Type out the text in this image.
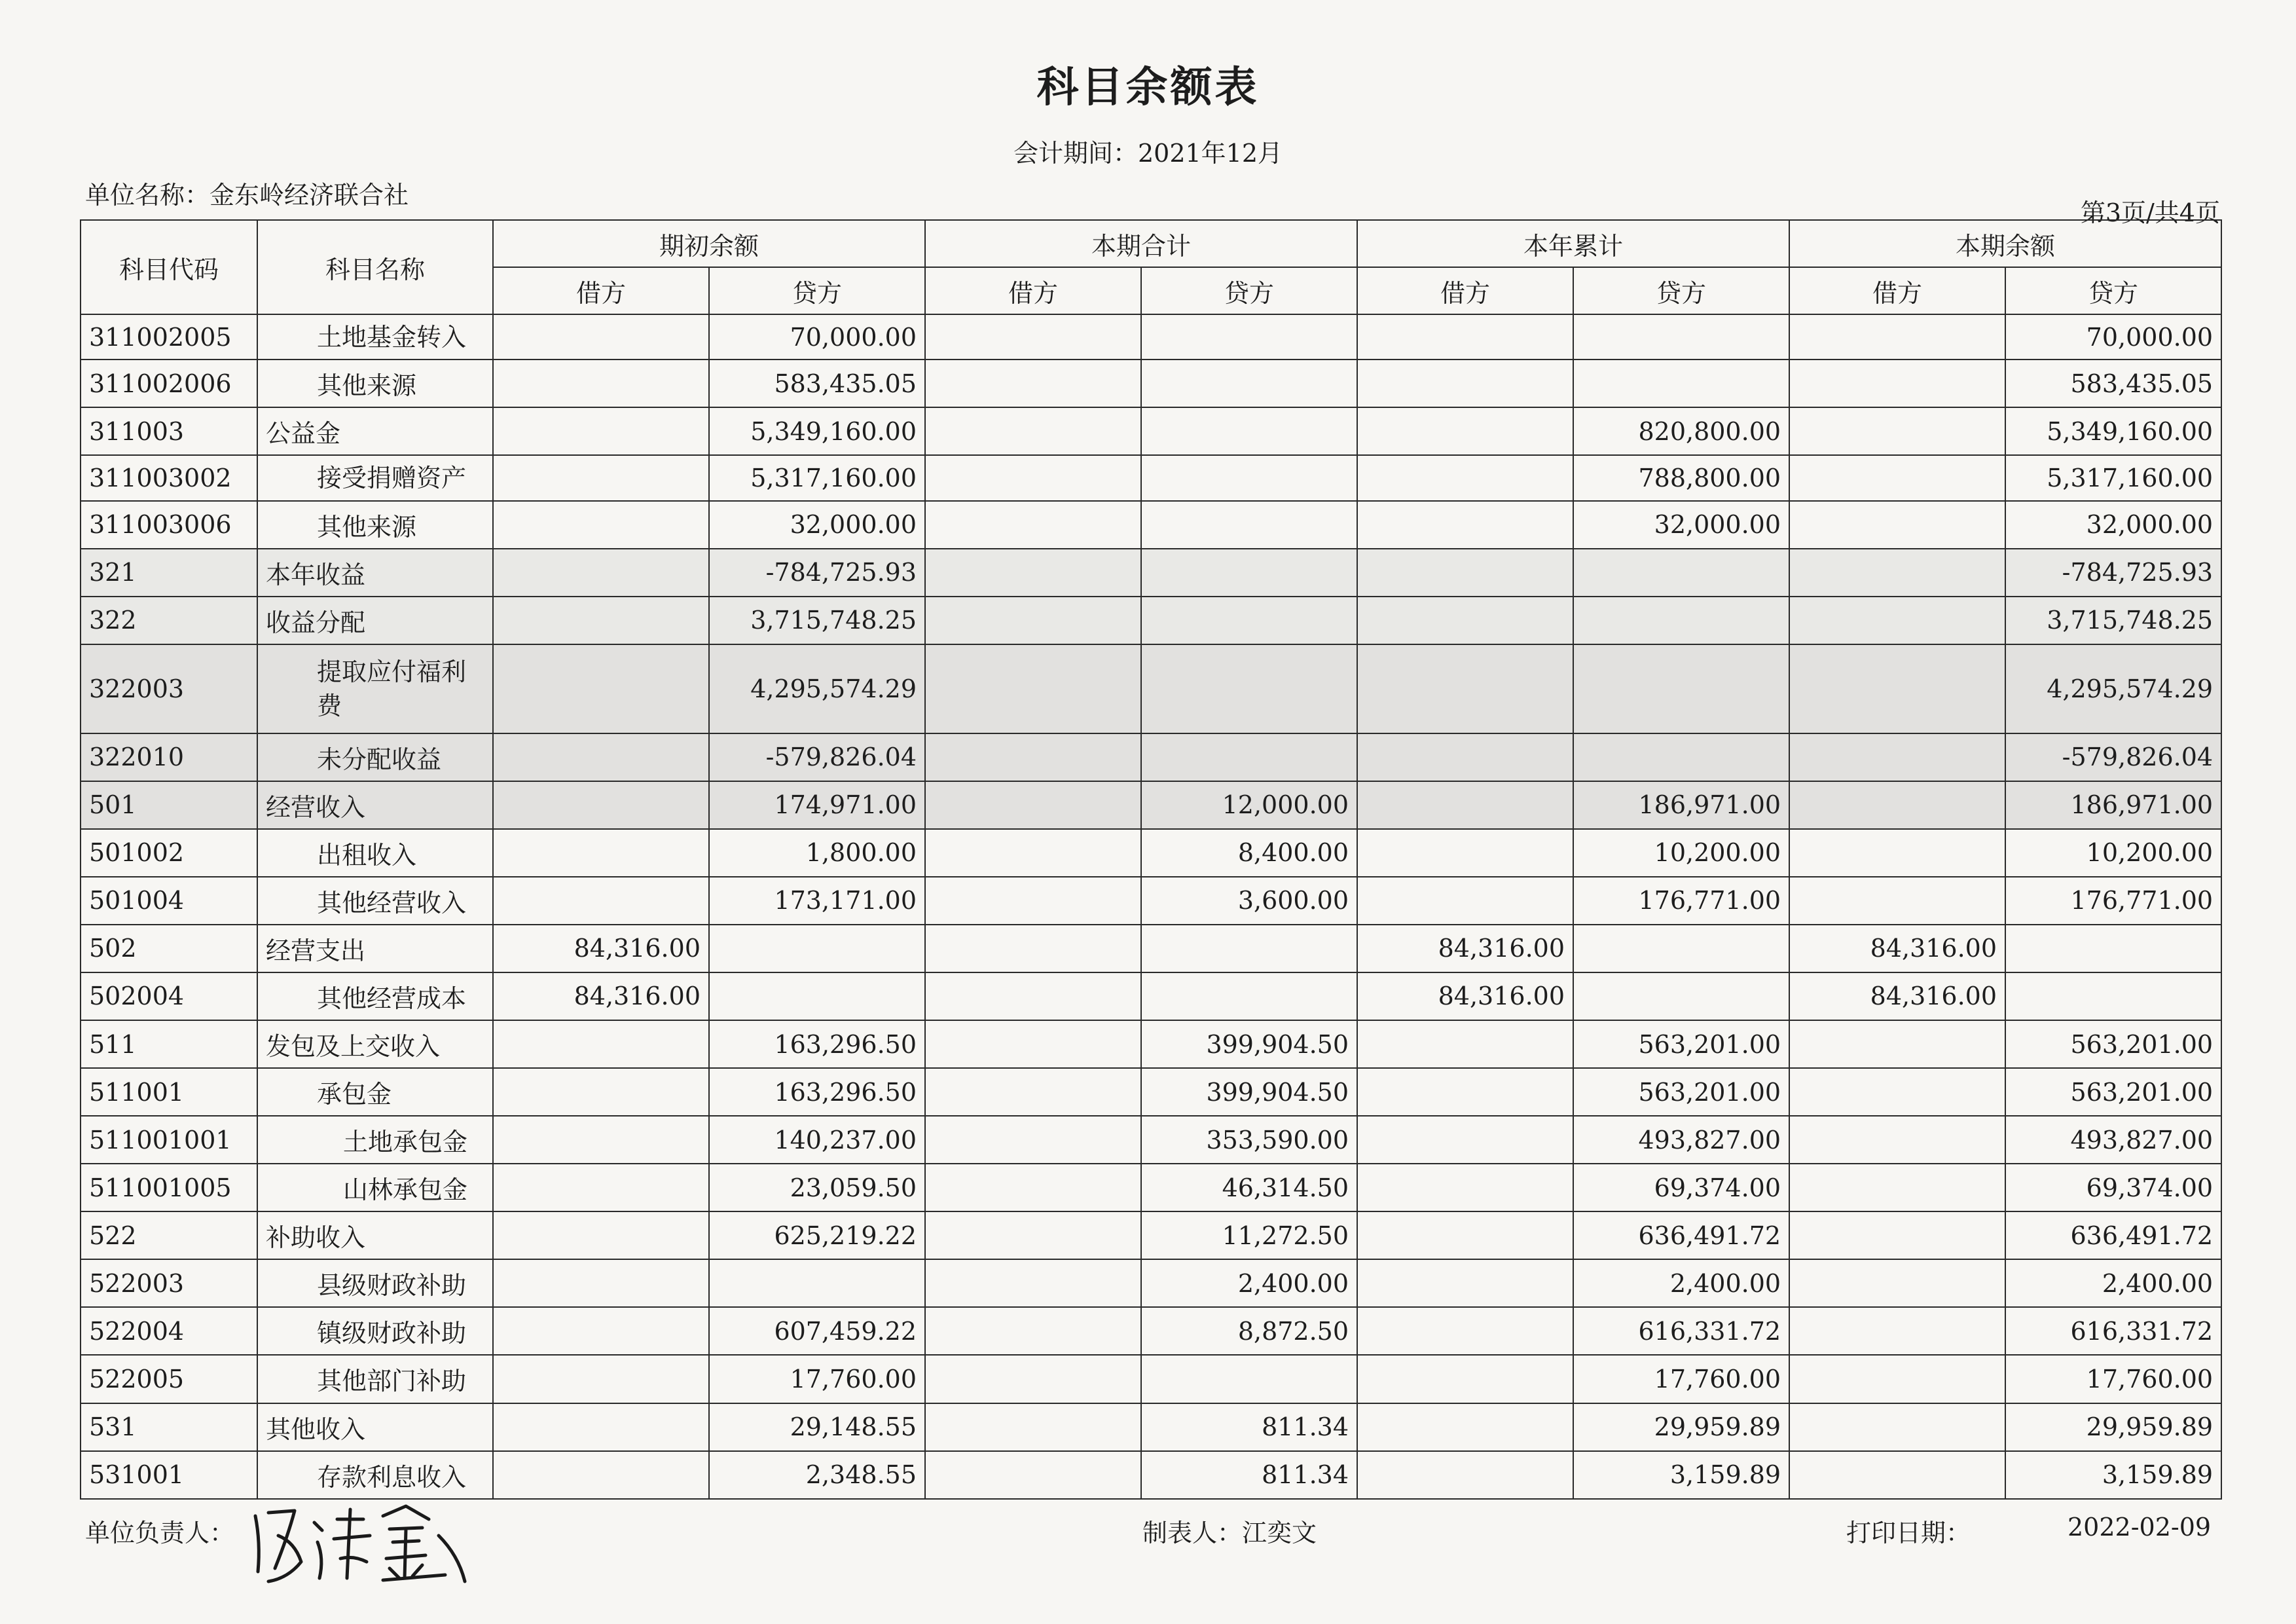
科目余额表
会计期间：2021年12月
单位名称：金东岭经济联合社
第3页/共4页
科目代码	科目名称	期初余额		本期合计		本年累计		本期余额	
		借方	贷方	借方	贷方	借方	贷方	借方	贷方
311002005	土地基金转入		70,000.00						70,000.00
311002006	其他来源		583,435.05						583,435.05
311003	公益金		5,349,160.00				820,800.00		5,349,160.00
311003002	接受捐赠资产		5,317,160.00				788,800.00		5,317,160.00
311003006	其他来源		32,000.00				32,000.00		32,000.00
321	本年收益		-784,725.93						-784,725.93
322	收益分配		3,715,748.25						3,715,748.25
322003	提取应付福利费		4,295,574.29						4,295,574.29
322010	未分配收益		-579,826.04						-579,826.04
501	经营收入		174,971.00		12,000.00		186,971.00		186,971.00
501002	出租收入		1,800.00		8,400.00		10,200.00		10,200.00
501004	其他经营收入		173,171.00		3,600.00		176,771.00		176,771.00
502	经营支出	84,316.00				84,316.00		84,316.00	
502004	其他经营成本	84,316.00				84,316.00		84,316.00	
511	发包及上交收入		163,296.50		399,904.50		563,201.00		563,201.00
511001	承包金		163,296.50		399,904.50		563,201.00		563,201.00
511001001	土地承包金		140,237.00		353,590.00		493,827.00		493,827.00
511001005	山林承包金		23,059.50		46,314.50		69,374.00		69,374.00
522	补助收入		625,219.22		11,272.50		636,491.72		636,491.72
522003	县级财政补助				2,400.00		2,400.00		2,400.00
522004	镇级财政补助		607,459.22		8,872.50		616,331.72		616,331.72
522005	其他部门补助		17,760.00				17,760.00		17,760.00
531	其他收入		29,148.55		811.34		29,959.89		29,959.89
531001	存款利息收入		2,348.55		811.34		3,159.89		3,159.89
单位负责人：	制表人：江奕文	打印日期：	2022-02-09
